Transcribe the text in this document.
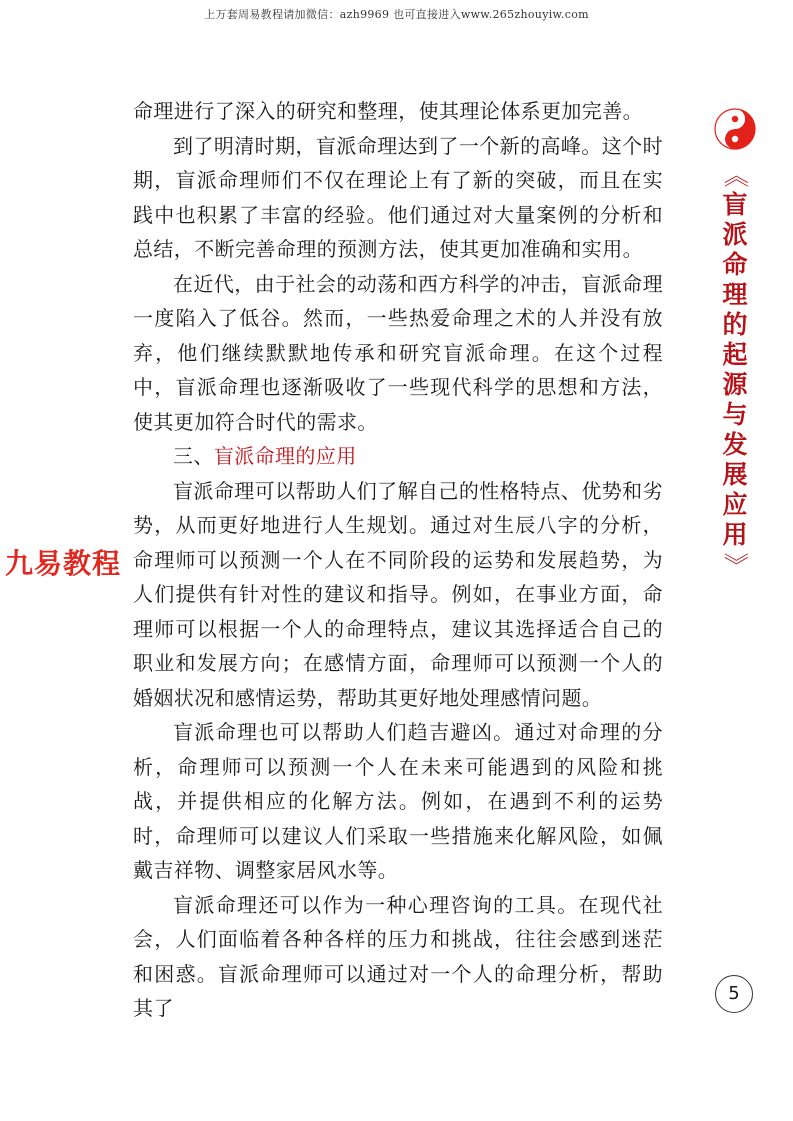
上万套周易教程请加微信：azh9969 也可直接进入www.265zhouyiw.com

命理进行了深入的研究和整理，使其理论体系更加完善。

到了明清时期，盲派命理达到了一个新的高峰。这个时期，盲派命理师们不仅在理论上有了新的突破，而且在实践中也积累了丰富的经验。他们通过对大量案例的分析和总结，不断完善命理的预测方法，使其更加准确和实用。

在近代，由于社会的动荡和西方科学的冲击，盲派命理一度陷入了低谷。然而，一些热爱命理之术的人并没有放弃，他们继续默默地传承和研究盲派命理。在这个过程中，盲派命理也逐渐吸收了一些现代科学的思想和方法，使其更加符合时代的需求。

三、盲派命理的应用

盲派命理可以帮助人们了解自己的性格特点、优势和劣势，从而更好地进行人生规划。通过对生辰八字的分析，命理师可以预测一个人在不同阶段的运势和发展趋势，为人们提供有针对性的建议和指导。例如，在事业方面，命理师可以根据一个人的命理特点，建议其选择适合自己的职业和发展方向；在感情方面，命理师可以预测一个人的婚姻状况和感情运势，帮助其更好地处理感情问题。

盲派命理也可以帮助人们趋吉避凶。通过对命理的分析，命理师可以预测一个人在未来可能遇到的风险和挑战，并提供相应的化解方法。例如，在遇到不利的运势时，命理师可以建议人们采取一些措施来化解风险，如佩戴吉祥物、调整家居风水等。

盲派命理还可以作为一种心理咨询的工具。在现代社会，人们面临着各种各样的压力和挑战，往往会感到迷茫和困惑。盲派命理师可以通过对一个人的命理分析，帮助其了

《
盲
派
命
理
的
起
源
与
发
展
应
用
》
5
九易教程
